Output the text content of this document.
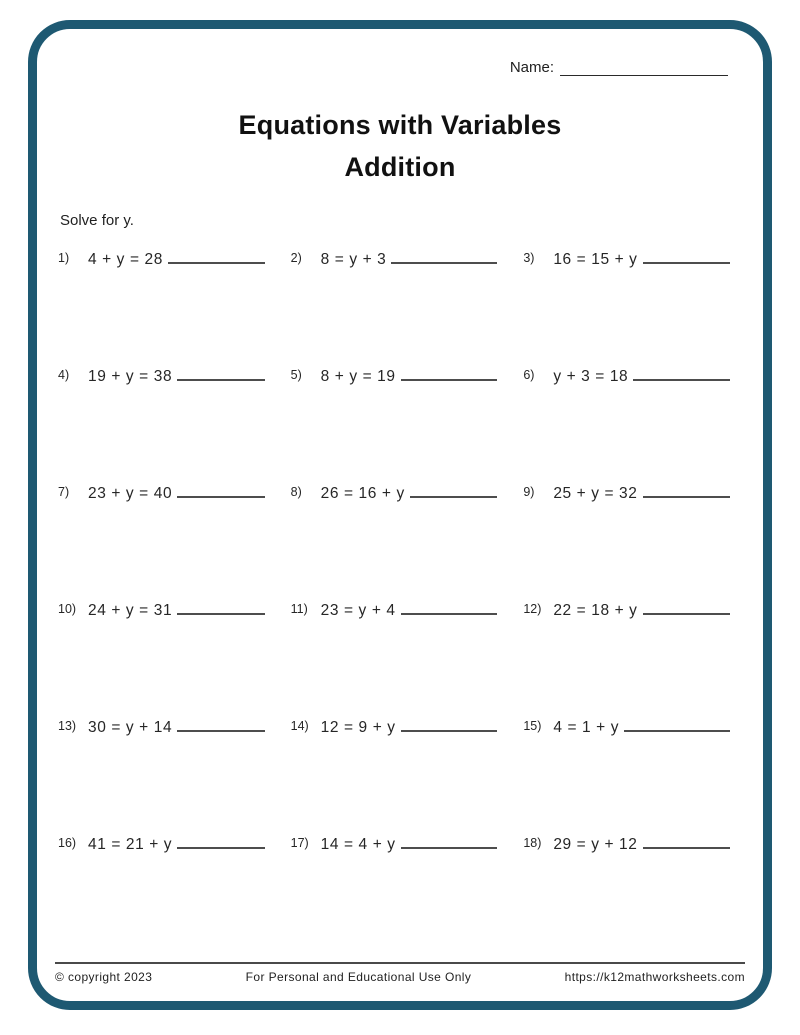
Name:
Equations with Variables
Addition
Solve for y.
1)	4 + y = 28	2)	8 = y + 3	3)	16 = 15 + y
4)	19 + y = 38	5)	8 + y = 19	6)	y + 3 = 18
7)	23 + y = 40	8)	26 = 16 + y	9)	25 + y = 32
10) 24 + y = 31	11) 23 = y + 4	12) 22 = 18 + y
13) 30 = y + 14	14) 12 = 9 + y	15) 4 = 1 + y
16) 41 = 21 + y	17) 14 = 4 + y	18) 29 = y + 12
© copyright 2023	For Personal and Educational Use Only	https://k12mathworksheets.com
